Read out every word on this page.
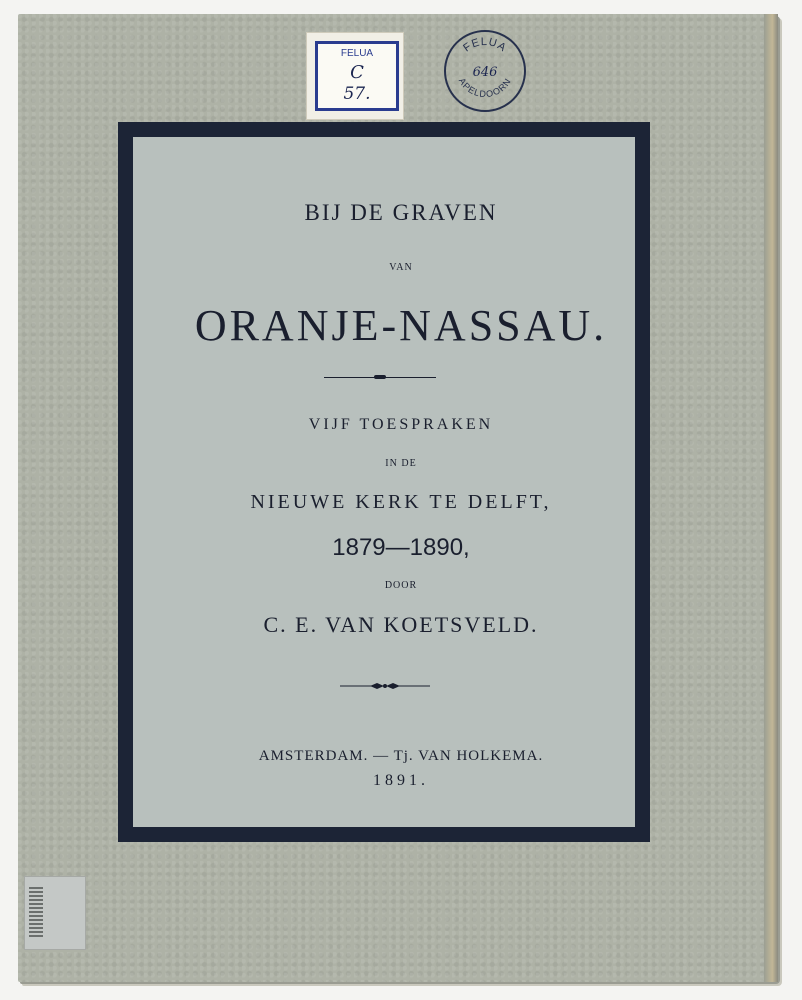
FELUA
C
57.
FELUA
646
APELDOORN
BIJ DE GRAVEN
VAN
ORANJE-NASSAU.
VIJF TOESPRAKEN
IN DE
NIEUWE KERK TE DELFT,
1879—1890,
DOOR
C. E. VAN KOETSVELD.
AMSTERDAM. — Tj. VAN HOLKEMA.
1891.
